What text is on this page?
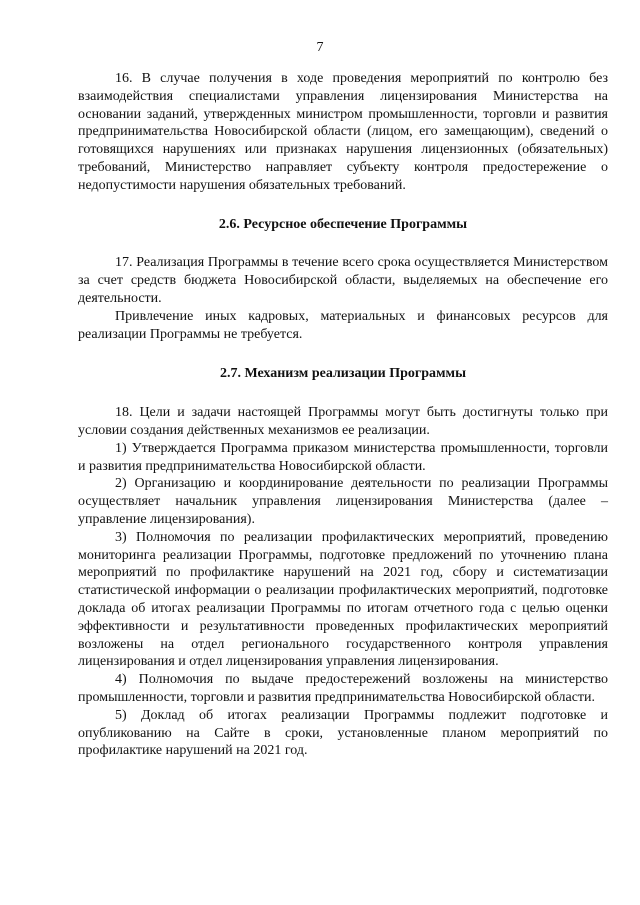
7

16. В случае получения в ходе проведения мероприятий по контролю без взаимодействия специалистами управления лицензирования Министерства на основании заданий, утвержденных министром промышленности, торговли и развития предпринимательства Новосибирской области (лицом, его замещающим), сведений о готовящихся нарушениях или признаках нарушения лицензионных (обязательных) требований, Министерство направляет субъекту контроля предостережение о недопустимости нарушения обязательных требований.

2.6. Ресурсное обеспечение Программы

17. Реализация Программы в течение всего срока осуществляется Министерством за счет средств бюджета Новосибирской области, выделяемых на обеспечение его деятельности.

Привлечение иных кадровых, материальных и финансовых ресурсов для реализации Программы не требуется.

2.7. Механизм реализации Программы

18. Цели и задачи настоящей Программы могут быть достигнуты только при условии создания действенных механизмов ее реализации.

1) Утверждается Программа приказом министерства промышленности, торговли и развития предпринимательства Новосибирской области.

2) Организацию и координирование деятельности по реализации Программы осуществляет начальник управления лицензирования Министерства (далее – управление лицензирования).

3) Полномочия по реализации профилактических мероприятий, проведению мониторинга реализации Программы, подготовке предложений по уточнению плана мероприятий по профилактике нарушений на 2021 год, сбору и систематизации статистической информации о реализации профилактических мероприятий, подготовке доклада об итогах реализации Программы по итогам отчетного года с целью оценки эффективности и результативности проведенных профилактических мероприятий возложены на отдел регионального государственного контроля управления лицензирования и отдел лицензирования управления лицензирования.

4) Полномочия по выдаче предостережений возложены на министерство промышленности, торговли и развития предпринимательства Новосибирской области.

5) Доклад об итогах реализации Программы подлежит подготовке и опубликованию на Сайте в сроки, установленные планом мероприятий по профилактике нарушений на 2021 год.
